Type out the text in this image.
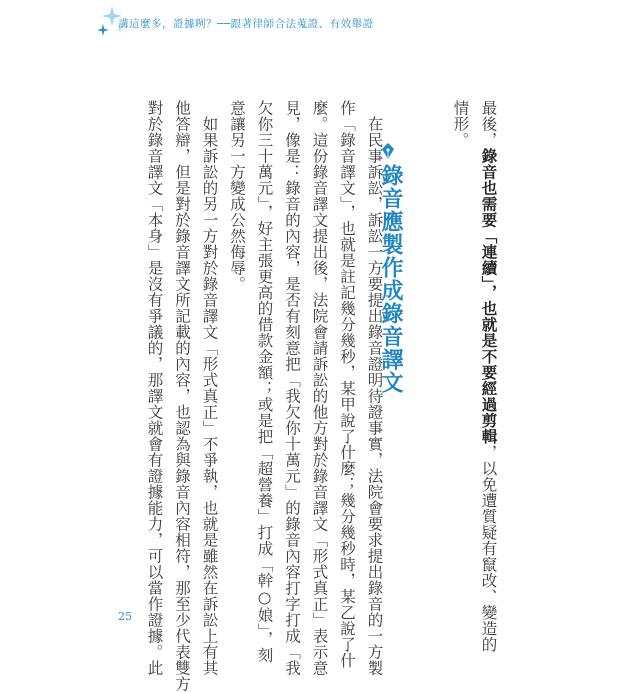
講這麼多，證據咧？──跟著律師合法蒐證、有效舉證
情形。 最後，錄音也需要「連續」，也就是不要經過剪輯，以免遭質疑有竄改、變造的
錄音應製作成錄音譯文
對於錄音譯文「本身」是沒有爭議的，那譯文就會有證據能力，可以當作證據。此 他答辯，但是對於錄音譯文所記載的內容，也認為與錄音內容相符，那至少代表雙方 　如果訴訟的另一方對於錄音譯文「形式真正」不爭執，也就是雖然在訴訟上有其 意讓另一方變成公然侮辱。 欠你三十萬元」，好主張更高的借款金額；或是把「超營養」打成「幹○娘」，刻 見，像是：錄音的內容，是否有刻意把「我欠你十萬元」的錄音內容打字打成「我 麼。這份錄音譯文提出後，法院會請訴訟的他方對於錄音譯文「形式真正」表示意 作「錄音譯文」，也就是註記幾分幾秒，某甲說了什麼；幾分幾秒時，某乙說了什 　在民事訴訟，訴訟一方要提出錄音證明待證事實，法院會要求提出錄音的一方製
25
